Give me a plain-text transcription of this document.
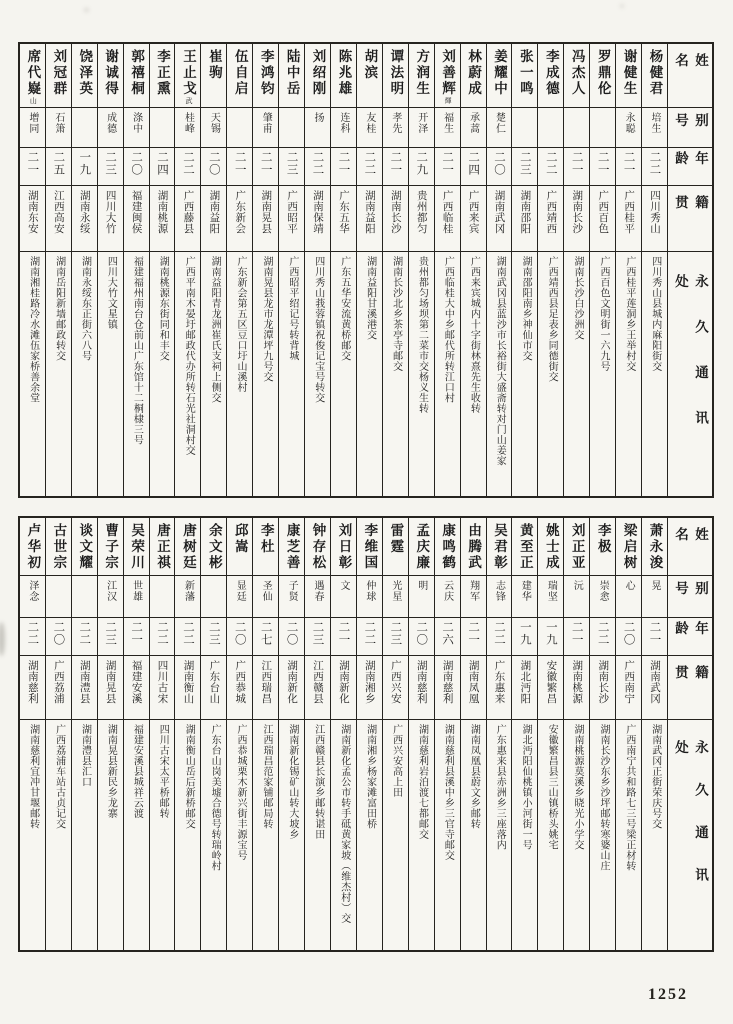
姓名
别号
年龄
籍贯
永久通讯处
杨健君
培生
二二
四川秀山
四川秀山县城内麻阳街交
谢健生
永聪
二一
广西桂平
广西桂平莲洞乡王举村交
罗鼎伦
二一
广西百色
广西百色文明街一六九号
冯杰人
二一
湖南长沙
湖南长沙白沙洲交
李成德
二二
广西靖西
广西靖西县足表乡同德街交
张一鸣
二三
湖南邵阳
湖南邵阳南乡神仙市交
姜耀中
楚仁
二〇
湖南武冈
湖南武冈县蓝沙市长裕街大盛斋转对门山姜家
林蔚成
承蒿
二四
广西来宾
广西来宾城内十字街林熹先生收转
刘善辉煇
福生
二一
广西临桂
广西临桂大中乡邮代所转江口村
方润生
开泽
二九
贵州都匀
贵州都匀场坝第二菜市交杨义生转
谭法明
孝先
二一
湖南长沙
湖南长沙北乡茶亭寺邮交
胡滨
友桂
二二
湖南益阳
湖南益阳甘溪港交
陈兆雄
连科
二一
广东五华
广东五华安流黄桥邮交
刘绍刚
扬
二二
湖南保靖
四川秀山莪蓉镇祝俊记宝号转交
陆中岳
二三
广西昭平
广西昭平绍记号转背城
李鸿钧
肇甫
二一
湖南晃县
湖南晃县龙市龙潭坪九号交
伍自启
二一
广东新会
广东新会第五区豆口圩山溪村
崔驹
天锡
二〇
湖南益阳
湖南益阳青龙洲崔氏支祠上侧交
王止戈武
桂峰
二二
广西藤县
广西平南木晏圩邮政代办所转石光社洞村交
李正熏
二四
湖南桃源
湖南桃源东街同和丰交
郭禧桐
涤中
二〇
福建闽侯
福建福州南台仓前山广东馆十二桐棣三号
谢诚得
成德
二三
四川大竹
四川大竹文星镇
饶泽英
一九
湖南永绥
湖南永绥东正街六八号
刘冠群
石箫
二五
江西高安
湖南岳阳新墙邮政转交
席代嶷山
增同
二一
湖南东安
湖南湘桂路冷水滩伍家桥善余堂
姓名
别号
年龄
籍贯
永久通讯处
萧永浚
晃
二一
湖南武冈
湖南武冈正街荣庆号交
梁启树
心
二〇
广西南宁
广西南宁共和路七三号梁正材转
李极
崇悆
二二
湖南长沙
湖南长沙东乡沙坪邮转寒婆山庄
刘正亚
沅
二一
湖南桃源
湖南桃源莫溪乡晓光小学交
姚士成
瑞坚
一九
安徽繁昌
安徽繁昌县三山镇桥头姚宅
黄至正
建华
一九
湖北沔阳
湖北沔阳仙桃镇小河街一号
吴君彰
志锋
二二
广东惠来
广东惠来县赤洲乡三座落内
由腾武
翔军
二一
湖南凤凰
湖南凤凰县蔚文乡邮转
康鸣鹤
云庆
二六
湖南慈利
湖南慈利县溪中乡三官寺邮交
孟庆廉
明
二〇
湖南慈利
湖南慈利岩泊渡七都邮交
雷霆
光星
二三
广西兴安
广西兴安高上田
李维国
仲球
二二
湖南湘乡
湖南湘乡杨家滩富田桥
刘日彰
文
二一
湖南新化
湖南新化孟公市转手砥黄家坡（维杰村）交
钟存松
遇春
二三
江西赣县
江西赣县长演乡邮转谌田
康芝善
子贤
二〇
湖南新化
湖南新化锡矿山转大坡乡
李杜
圣仙
二七
江西瑞昌
江西瑞昌范家铺邮局转
邱嵩
显廷
二〇
广西恭城
广西恭城栗木新兴街丰源宝号
余文彬
二三
广东台山
广东台山岗美墟合德号转瑞岭村
唐树廷
新藩
二二
湖南衡山
湖南衡山岳后新桥邮交
唐正祺
二二
四川古宋
四川古宋太平桥邮转
吴荣川
世雄
二一
福建安溪
福建安溪县城祥云渡
曹子宗
江汉
二三
湖南晃县
湖南晃县新民乡龙寨
谈文耀
二二
湖南澧县
湖南澧县汇口
古世宗
二〇
广西荔浦
广西荔浦车站古贞记交
卢华初
泽念
二二
湖南慈利
湖南慈利宜冲甘堰邮转
1252
